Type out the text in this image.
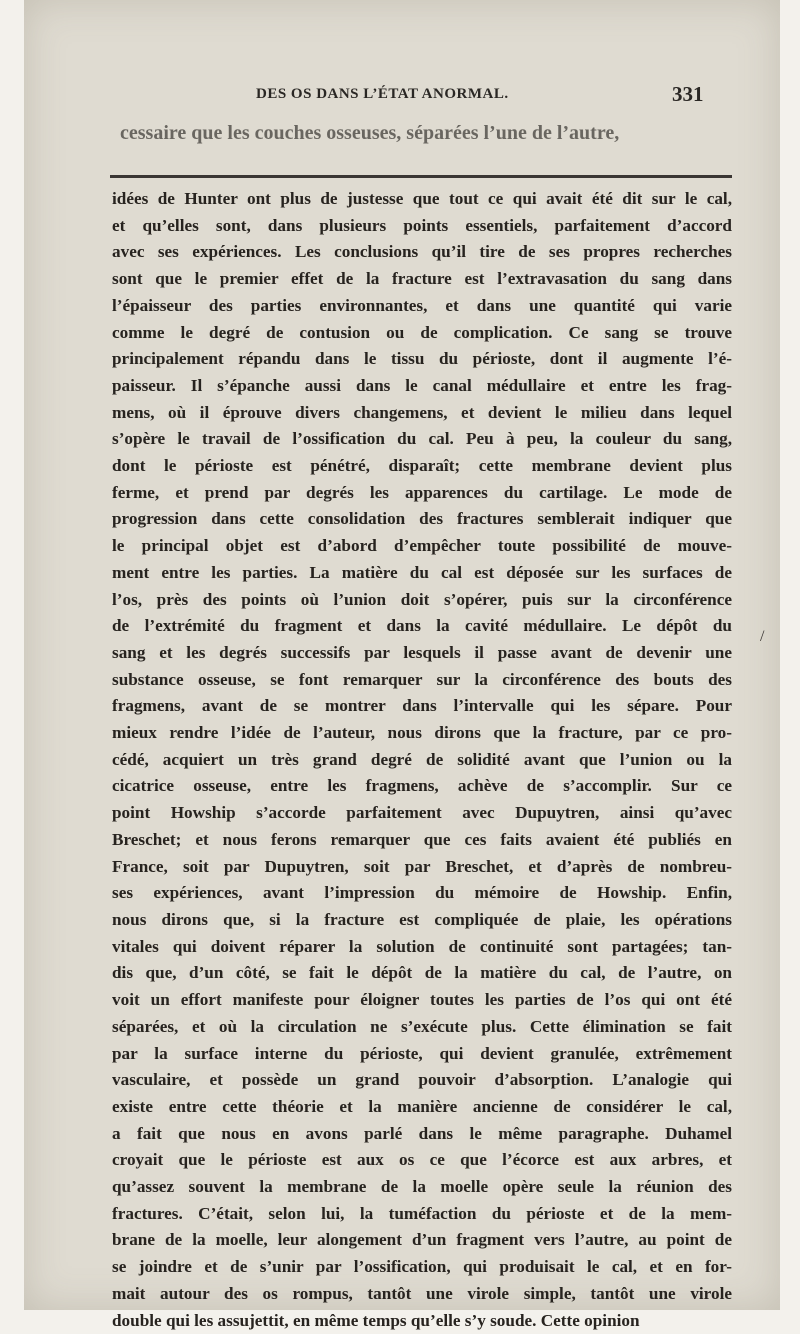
DES OS DANS L’ÉTAT ANORMAL.	331
cessaire que les couches osseuses, séparées l’une de l’autre,
idées de Hunter ont plus de justesse que tout ce qui avait été dit sur le cal,
et qu’elles sont, dans plusieurs points essentiels, parfaitement d’accord
avec ses expériences. Les conclusions qu’il tire de ses propres recherches
sont que le premier effet de la fracture est l’extravasation du sang dans
l’épaisseur des parties environnantes, et dans une quantité qui varie
comme le degré de contusion ou de complication. Ce sang se trouve
principalement répandu dans le tissu du périoste, dont il augmente l’é-
paisseur. Il s’épanche aussi dans le canal médullaire et entre les frag-
mens, où il éprouve divers changemens, et devient le milieu dans lequel
s’opère le travail de l’ossification du cal. Peu à peu, la couleur du sang,
dont le périoste est pénétré, disparaît; cette membrane devient plus
ferme, et prend par degrés les apparences du cartilage. Le mode de
progression dans cette consolidation des fractures semblerait indiquer que
le principal objet est d’abord d’empêcher toute possibilité de mouve-
ment entre les parties. La matière du cal est déposée sur les surfaces de
l’os, près des points où l’union doit s’opérer, puis sur la circonférence
de l’extrémité du fragment et dans la cavité médullaire. Le dépôt du
sang et les degrés successifs par lesquels il passe avant de devenir une
substance osseuse, se font remarquer sur la circonférence des bouts des
fragmens, avant de se montrer dans l’intervalle qui les sépare. Pour
mieux rendre l’idée de l’auteur, nous dirons que la fracture, par ce pro-
cédé, acquiert un très grand degré de solidité avant que l’union ou la
cicatrice osseuse, entre les fragmens, achève de s’accomplir. Sur ce
point Howship s’accorde parfaitement avec Dupuytren, ainsi qu’avec
Breschet; et nous ferons remarquer que ces faits avaient été publiés en
France, soit par Dupuytren, soit par Breschet, et d’après de nombreu-
ses expériences, avant l’impression du mémoire de Howship. Enfin,
nous dirons que, si la fracture est compliquée de plaie, les opérations
vitales qui doivent réparer la solution de continuité sont partagées; tan-
dis que, d’un côté, se fait le dépôt de la matière du cal, de l’autre, on
voit un effort manifeste pour éloigner toutes les parties de l’os qui ont été
séparées, et où la circulation ne s’exécute plus. Cette élimination se fait
par la surface interne du périoste, qui devient granulée, extrêmement
vasculaire, et possède un grand pouvoir d’absorption. L’analogie qui
existe entre cette théorie et la manière ancienne de considérer le cal,
a fait que nous en avons parlé dans le même paragraphe. Duhamel
croyait que le périoste est aux os ce que l’écorce est aux arbres, et
qu’assez souvent la membrane de la moelle opère seule la réunion des
fractures. C’était, selon lui, la tuméfaction du périoste et de la mem-
brane de la moelle, leur alongement d’un fragment vers l’autre, au point de
se joindre et de s’unir par l’ossification, qui produisait le cal, et en for-
mait autour des os rompus, tantôt une virole simple, tantôt une virole
double qui les assujettit, en même temps qu’elle s’y soude. Cette opinion
/
